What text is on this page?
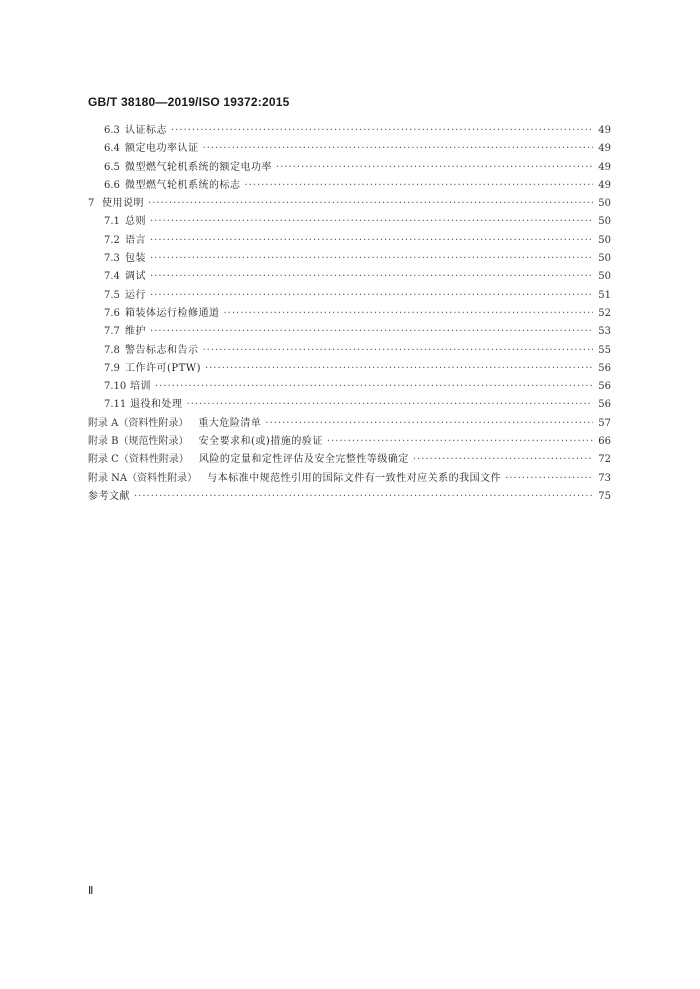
GB/T 38180—2019/ISO 19372:2015
6.3 认证标志 ·····	49
6.4 额定电功率认证 ·····	49
6.5 微型燃气轮机系统的额定电功率 ·····	49
6.6 微型燃气轮机系统的标志 ·····	49
7 使用说明 ·····	50
7.1 总则 ·····	50
7.2 语言 ·····	50
7.3 包装 ·····	50
7.4 调试 ·····	50
7.5 运行 ·····	51
7.6 箱装体运行检修通道 ·····	52
7.7 维护 ·····	53
7.8 警告标志和告示 ·····	55
7.9 工作许可(PTW) ·····	56
7.10 培训 ·····	56
7.11 退役和处理 ·····	56
附录 A（资料性附录）	重大危险清单 ·····	57
附录 B（规范性附录）	安全要求和(或)措施的验证 ·····	66
附录 C（资料性附录）	风险的定量和定性评估及安全完整性等级确定 ·····	72
附录 NA（资料性附录）	与本标准中规范性引用的国际文件有一致性对应关系的我国文件 ·····	73
参考文献 ·····	75
Ⅱ
